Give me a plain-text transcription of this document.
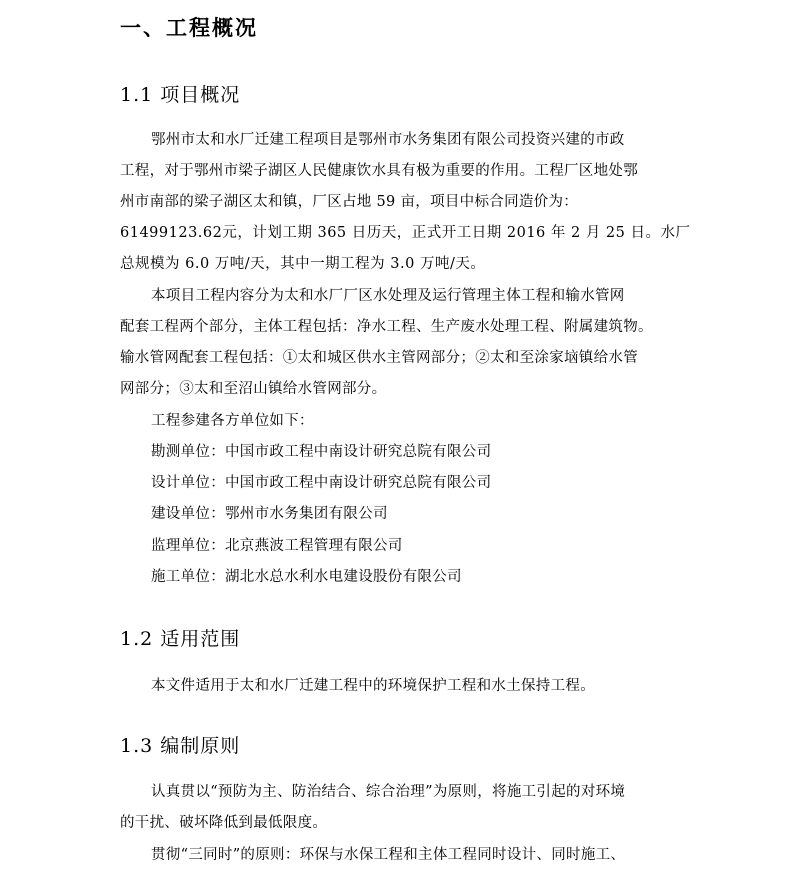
一、工程概况
1.1 项目概况
鄂州市太和水厂迁建工程项目是鄂州市水务集团有限公司投资兴建的市政
工程，对于鄂州市梁子湖区人民健康饮水具有极为重要的作用。工程厂区地处鄂
州市南部的梁子湖区太和镇，厂区占地 59 亩，项目中标合同造价为：
61499123.62元，计划工期 365 日历天，正式开工日期 2016 年 2 月 25 日。水厂
总规模为 6.0 万吨/天，其中一期工程为 3.0 万吨/天。
本项目工程内容分为太和水厂厂区水处理及运行管理主体工程和输水管网
配套工程两个部分，主体工程包括：净水工程、生产废水处理工程、附属建筑物。
输水管网配套工程包括：①太和城区供水主管网部分；②太和至涂家垴镇给水管
网部分；③太和至沼山镇给水管网部分。
工程参建各方单位如下：
勘测单位：中国市政工程中南设计研究总院有限公司
设计单位：中国市政工程中南设计研究总院有限公司
建设单位：鄂州市水务集团有限公司
监理单位：北京燕波工程管理有限公司
施工单位：湖北水总水利水电建设股份有限公司
1.2 适用范围
本文件适用于太和水厂迁建工程中的环境保护工程和水土保持工程。
1.3 编制原则
认真贯以“预防为主、防治结合、综合治理”为原则，将施工引起的对环境
的干扰、破坏降低到最低限度。
贯彻“三同时”的原则：环保与水保工程和主体工程同时设计、同时施工、
